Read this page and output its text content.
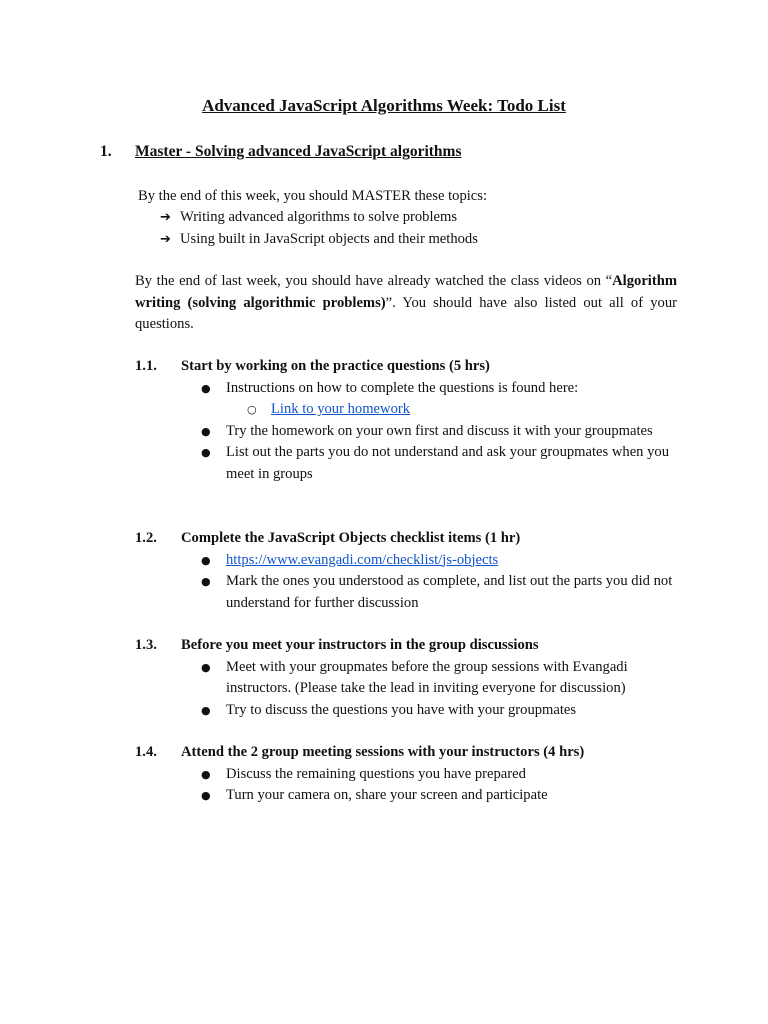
Advanced JavaScript Algorithms Week: Todo List
1. Master - Solving advanced JavaScript algorithms
By the end of this week, you should MASTER these topics:
➔ Writing advanced algorithms to solve problems
➔ Using built in JavaScript objects and their methods
By the end of last week, you should have already watched the class videos on “Algorithm writing (solving algorithmic problems)”. You should have also listed out all of your questions.
1.1.	Start by working on the practice questions (5 hrs)
●	Instructions on how to complete the questions is found here:
○ Link to your homework
●	Try the homework on your own first and discuss it with your groupmates
●	List out the parts you do not understand and ask your groupmates when you meet in groups
1.2.	Complete the JavaScript Objects checklist items (1 hr)
●	https://www.evangadi.com/checklist/js-objects
●	Mark the ones you understood as complete, and list out the parts you did not understand for further discussion
1.3.	Before you meet your instructors in the group discussions
●	Meet with your groupmates before the group sessions with Evangadi instructors. (Please take the lead in inviting everyone for discussion)
●	Try to discuss the questions you have with your groupmates
1.4.	Attend the 2 group meeting sessions with your instructors (4 hrs)
●	Discuss the remaining questions you have prepared
●	Turn your camera on, share your screen and participate
